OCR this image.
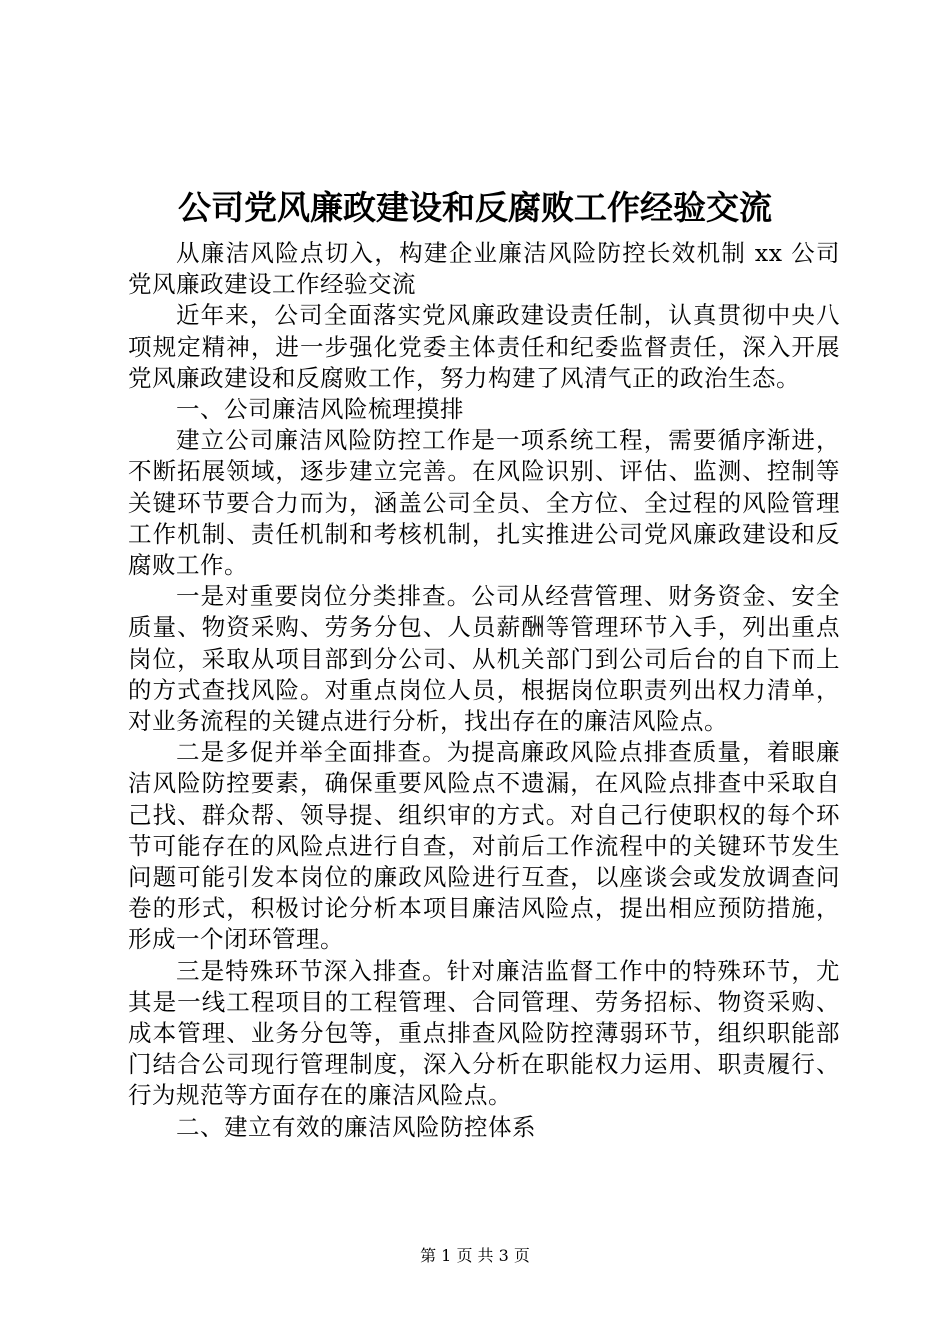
公司党风廉政建设和反腐败工作经验交流

从廉洁风险点切入，构建企业廉洁风险防控长效机制 xx 公司党风廉政建设工作经验交流

近年来，公司全面落实党风廉政建设责任制，认真贯彻中央八项规定精神，进一步强化党委主体责任和纪委监督责任，深入开展党风廉政建设和反腐败工作，努力构建了风清气正的政治生态。

一、公司廉洁风险梳理摸排

建立公司廉洁风险防控工作是一项系统工程，需要循序渐进，不断拓展领域，逐步建立完善。在风险识别、评估、监测、控制等关键环节要合力而为，涵盖公司全员、全方位、全过程的风险管理工作机制、责任机制和考核机制，扎实推进公司党风廉政建设和反腐败工作。

一是对重要岗位分类排查。公司从经营管理、财务资金、安全质量、物资采购、劳务分包、人员薪酬等管理环节入手，列出重点岗位，采取从项目部到分公司、从机关部门到公司后台的自下而上的方式查找风险。对重点岗位人员，根据岗位职责列出权力清单，对业务流程的关键点进行分析，找出存在的廉洁风险点。

二是多促并举全面排查。为提高廉政风险点排查质量，着眼廉洁风险防控要素，确保重要风险点不遗漏，在风险点排查中采取自己找、群众帮、领导提、组织审的方式。对自己行使职权的每个环节可能存在的风险点进行自查，对前后工作流程中的关键环节发生问题可能引发本岗位的廉政风险进行互查，以座谈会或发放调查问卷的形式，积极讨论分析本项目廉洁风险点，提出相应预防措施，形成一个闭环管理。

三是特殊环节深入排查。针对廉洁监督工作中的特殊环节，尤其是一线工程项目的工程管理、合同管理、劳务招标、物资采购、成本管理、业务分包等，重点排查风险防控薄弱环节，组织职能部门结合公司现行管理制度，深入分析在职能权力运用、职责履行、行为规范等方面存在的廉洁风险点。

二、建立有效的廉洁风险防控体系

第 1 页 共 3 页
